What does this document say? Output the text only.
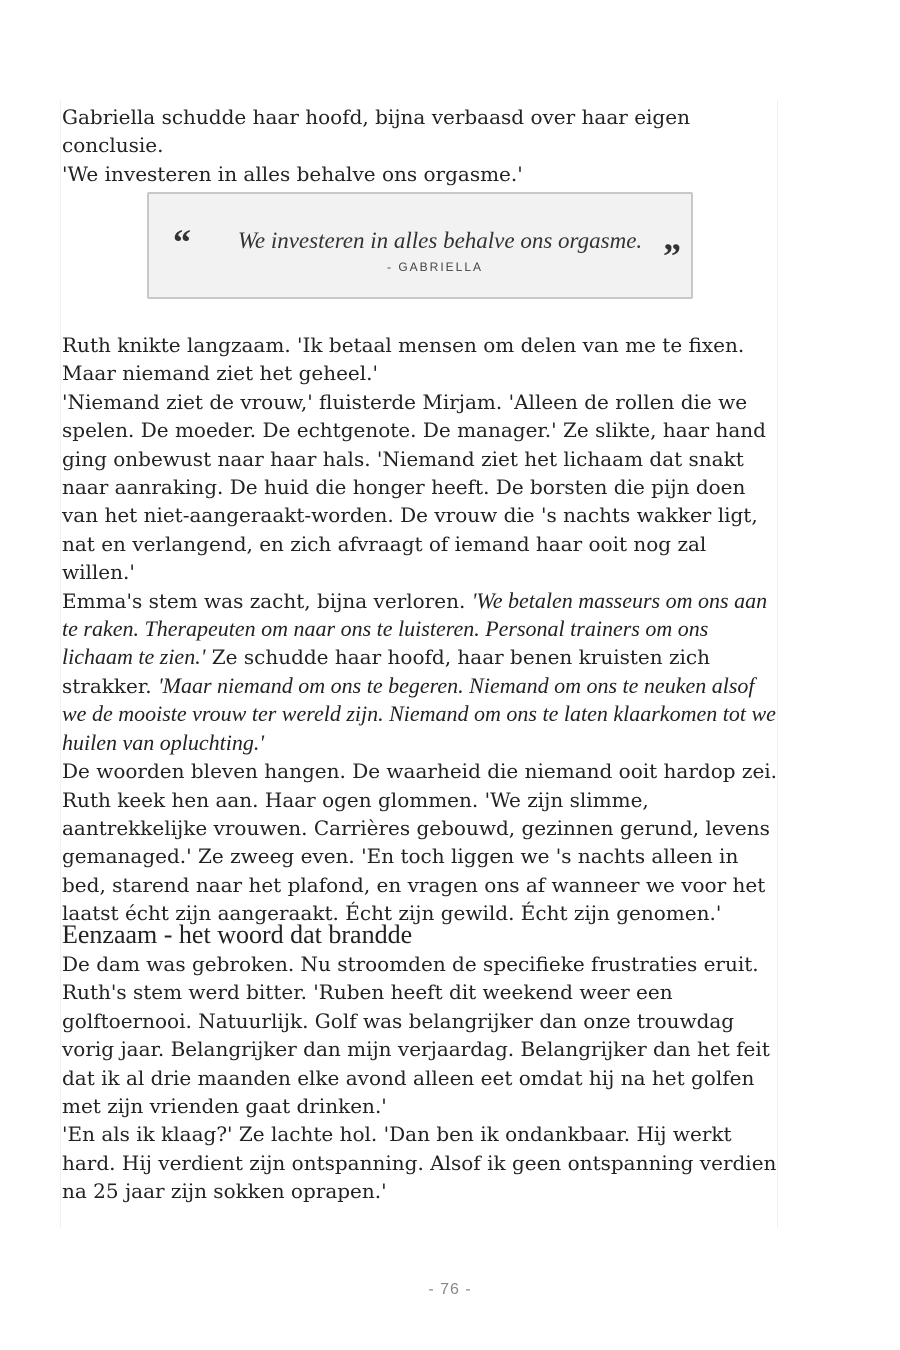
Gabriella schudde haar hoofd, bijna verbaasd over haar eigen conclusie.

'We investeren in alles behalve ons orgasme.'

“	We investeren in alles behalve ons orgasme.
- GABRIELLA	”

Ruth knikte langzaam. 'Ik betaal mensen om delen van me te fixen. Maar niemand ziet het geheel.'

'Niemand ziet de vrouw,' fluisterde Mirjam. 'Alleen de rollen die we spelen. De moeder. De echtgenote. De manager.' Ze slikte, haar hand ging onbewust naar haar hals. 'Niemand ziet het lichaam dat snakt naar aanraking. De huid die honger heeft. De borsten die pijn doen van het niet-aangeraakt-worden. De vrouw die 's nachts wakker ligt, nat en verlangend, en zich afvraagt of iemand haar ooit nog zal willen.'

Emma's stem was zacht, bijna verloren. 'We betalen masseurs om ons aan te raken. Therapeuten om naar ons te luisteren. Personal trainers om ons lichaam te zien.' Ze schudde haar hoofd, haar benen kruisten zich strakker. 'Maar niemand om ons te begeren. Niemand om ons te neuken alsof we de mooiste vrouw ter wereld zijn. Niemand om ons te laten klaarkomen tot we huilen van opluchting.'

De woorden bleven hangen. De waarheid die niemand ooit hardop zei.

Ruth keek hen aan. Haar ogen glommen. 'We zijn slimme, aantrekkelijke vrouwen. Carrières gebouwd, gezinnen gerund, levens gemanaged.' Ze zweeg even. 'En toch liggen we 's nachts alleen in bed, starend naar het plafond, en vragen ons af wanneer we voor het laatst écht zijn aangeraakt. Écht zijn gewild. Écht zijn genomen.'

Eenzaam - het woord dat brandde

De dam was gebroken. Nu stroomden de specifieke frustraties eruit.

Ruth's stem werd bitter. 'Ruben heeft dit weekend weer een golftoernooi. Natuurlijk. Golf was belangrijker dan onze trouwdag vorig jaar. Belangrijker dan mijn verjaardag. Belangrijker dan het feit dat ik al drie maanden elke avond alleen eet omdat hij na het golfen met zijn vrienden gaat drinken.'

'En als ik klaag?' Ze lachte hol. 'Dan ben ik ondankbaar. Hij werkt hard. Hij verdient zijn ontspanning. Alsof ik geen ontspanning verdien na 25 jaar zijn sokken oprapen.'

- 76 -
